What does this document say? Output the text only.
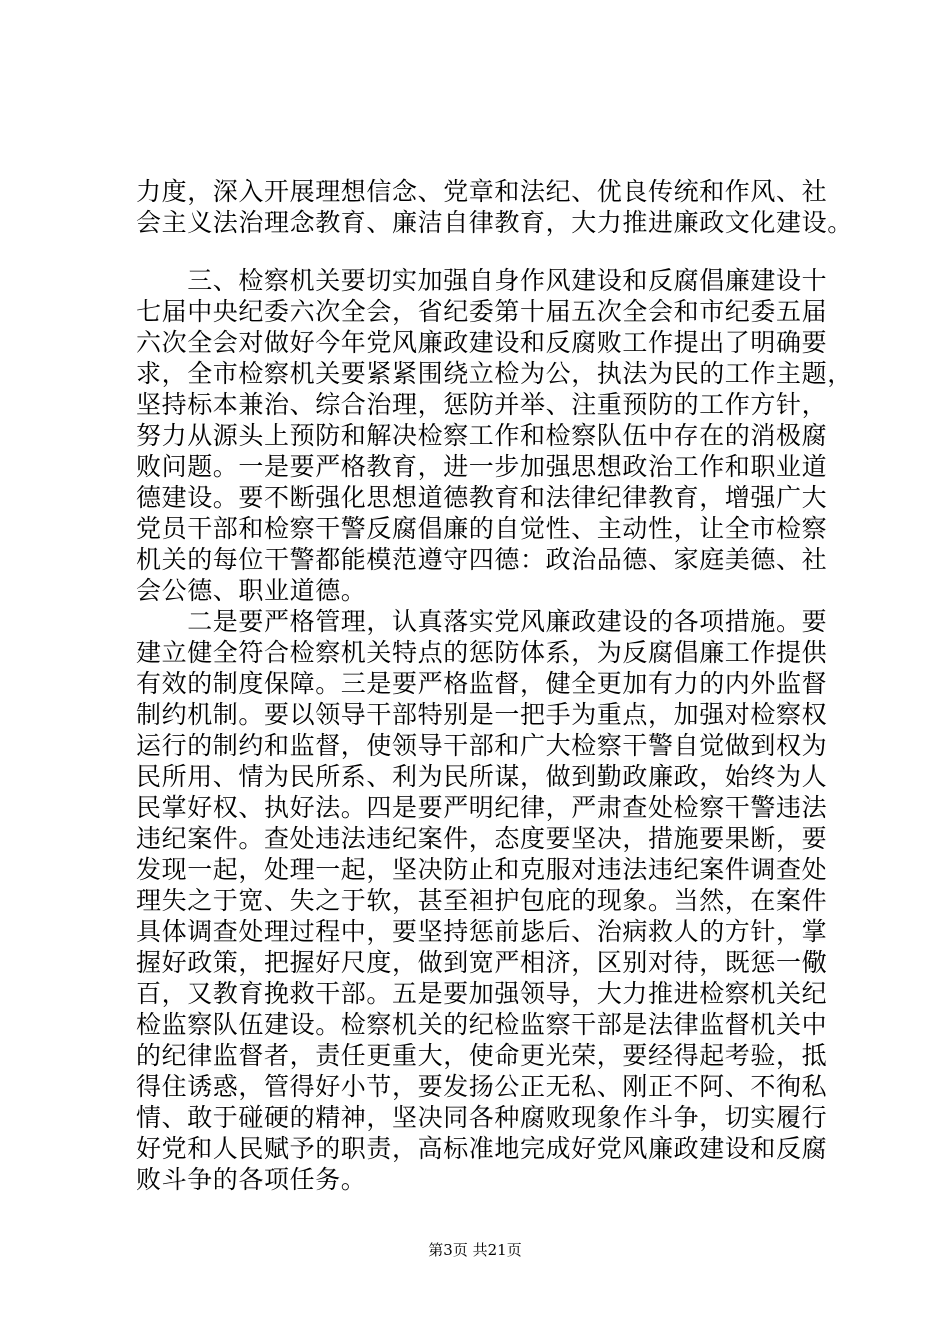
力度，深入开展理想信念、党章和法纪、优良传统和作风、社
会主义法治理念教育、廉洁自律教育，大力推进廉政文化建设。
　　三、检察机关要切实加强自身作风建设和反腐倡廉建设十
七届中央纪委六次全会，省纪委第十届五次全会和市纪委五届
六次全会对做好今年党风廉政建设和反腐败工作提出了明确要
求，全市检察机关要紧紧围绕立检为公，执法为民的工作主题，
坚持标本兼治、综合治理，惩防并举、注重预防的工作方针，
努力从源头上预防和解决检察工作和检察队伍中存在的消极腐
败问题。一是要严格教育，进一步加强思想政治工作和职业道
德建设。要不断强化思想道德教育和法律纪律教育，增强广大
党员干部和检察干警反腐倡廉的自觉性、主动性，让全市检察
机关的每位干警都能模范遵守四德：政治品德、家庭美德、社
会公德、职业道德。
　　二是要严格管理，认真落实党风廉政建设的各项措施。要
建立健全符合检察机关特点的惩防体系，为反腐倡廉工作提供
有效的制度保障。三是要严格监督，健全更加有力的内外监督
制约机制。要以领导干部特别是一把手为重点，加强对检察权
运行的制约和监督，使领导干部和广大检察干警自觉做到权为
民所用、情为民所系、利为民所谋，做到勤政廉政，始终为人
民掌好权、执好法。四是要严明纪律，严肃查处检察干警违法
违纪案件。查处违法违纪案件，态度要坚决，措施要果断，要
发现一起，处理一起，坚决防止和克服对违法违纪案件调查处
理失之于宽、失之于软，甚至袒护包庇的现象。当然，在案件
具体调查处理过程中，要坚持惩前毖后、治病救人的方针，掌
握好政策，把握好尺度，做到宽严相济，区别对待，既惩一儆
百，又教育挽救干部。五是要加强领导，大力推进检察机关纪
检监察队伍建设。检察机关的纪检监察干部是法律监督机关中
的纪律监督者，责任更重大，使命更光荣，要经得起考验，抵
得住诱惑，管得好小节，要发扬公正无私、刚正不阿、不徇私
情、敢于碰硬的精神，坚决同各种腐败现象作斗争，切实履行
好党和人民赋予的职责，高标准地完成好党风廉政建设和反腐
败斗争的各项任务。
第3页 共21页
